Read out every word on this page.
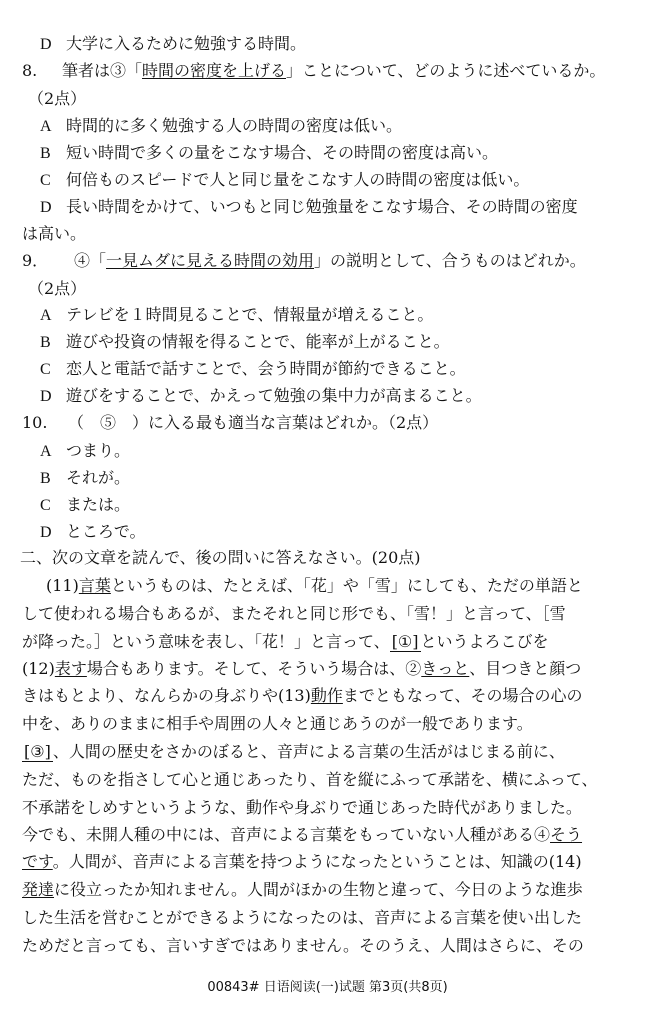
D 大学に入るために勉強する時間。
8. 筆者は③「時間の密度を上げる」ことについて、どのように述べているか。
（2点）
A 時間的に多く勉強する人の時間の密度は低い。
B 短い時間で多くの量をこなす場合、その時間の密度は高い。
C 何倍ものスピードで人と同じ量をこなす人の時間の密度は低い。
D 長い時間をかけて、いつもと同じ勉強量をこなす場合、その時間の密度
は高い。
9． ④「一見ムダに見える時間の効用」の説明として、合うものはどれか。
（2点）
A テレビを１時間見ることで、情報量が増えること。
B 遊びや投資の情報を得ることで、能率が上がること。
C 恋人と電話で話すことで、会う時間が節約できること。
D 遊びをすることで、かえって勉強の集中力が高まること。
10. （　⑤　）に入る最も適当な言葉はどれか。（2点）
A つまり。
B それが。
C または。
D ところで。
二、次の文章を読んで、後の問いに答えなさい。(20点)
(11)言葉というものは、たとえば、「花」や「雪」にしても、ただの単語と
して使われる場合もあるが、またそれと同じ形でも、「雪！」と言って、［雪
が降った。］という意味を表し、「花！」と言って、 [①] というよろこびを
(12)表す場合もあります。そして、そういう場合は、②きっと、目つきと顔つ
きはもとより、なんらかの身ぶりや(13)動作までともなって、その場合の心の
中を、ありのままに相手や周囲の人々と通じあうのが一般であります。
[③] 、人間の歴史をさかのぼると、音声による言葉の生活がはじまる前に、
ただ、ものを指さして心と通じあったり、首を縦にふって承諾を、横にふって、
不承諾をしめすというような、動作や身ぶりで通じあった時代がありました。
今でも、未開人種の中には、音声による言葉をもっていない人種がある④そう
です。人間が、音声による言葉を持つようになったということは、知識の(14)
発達に役立ったか知れません。人間がほかの生物と違って、今日のような進歩
した生活を営むことができるようになったのは、音声による言葉を使い出した
ためだと言っても、言いすぎではありません。そのうえ、人間はさらに、その
00843# 日语阅读(一)试题 第3页(共8页)
